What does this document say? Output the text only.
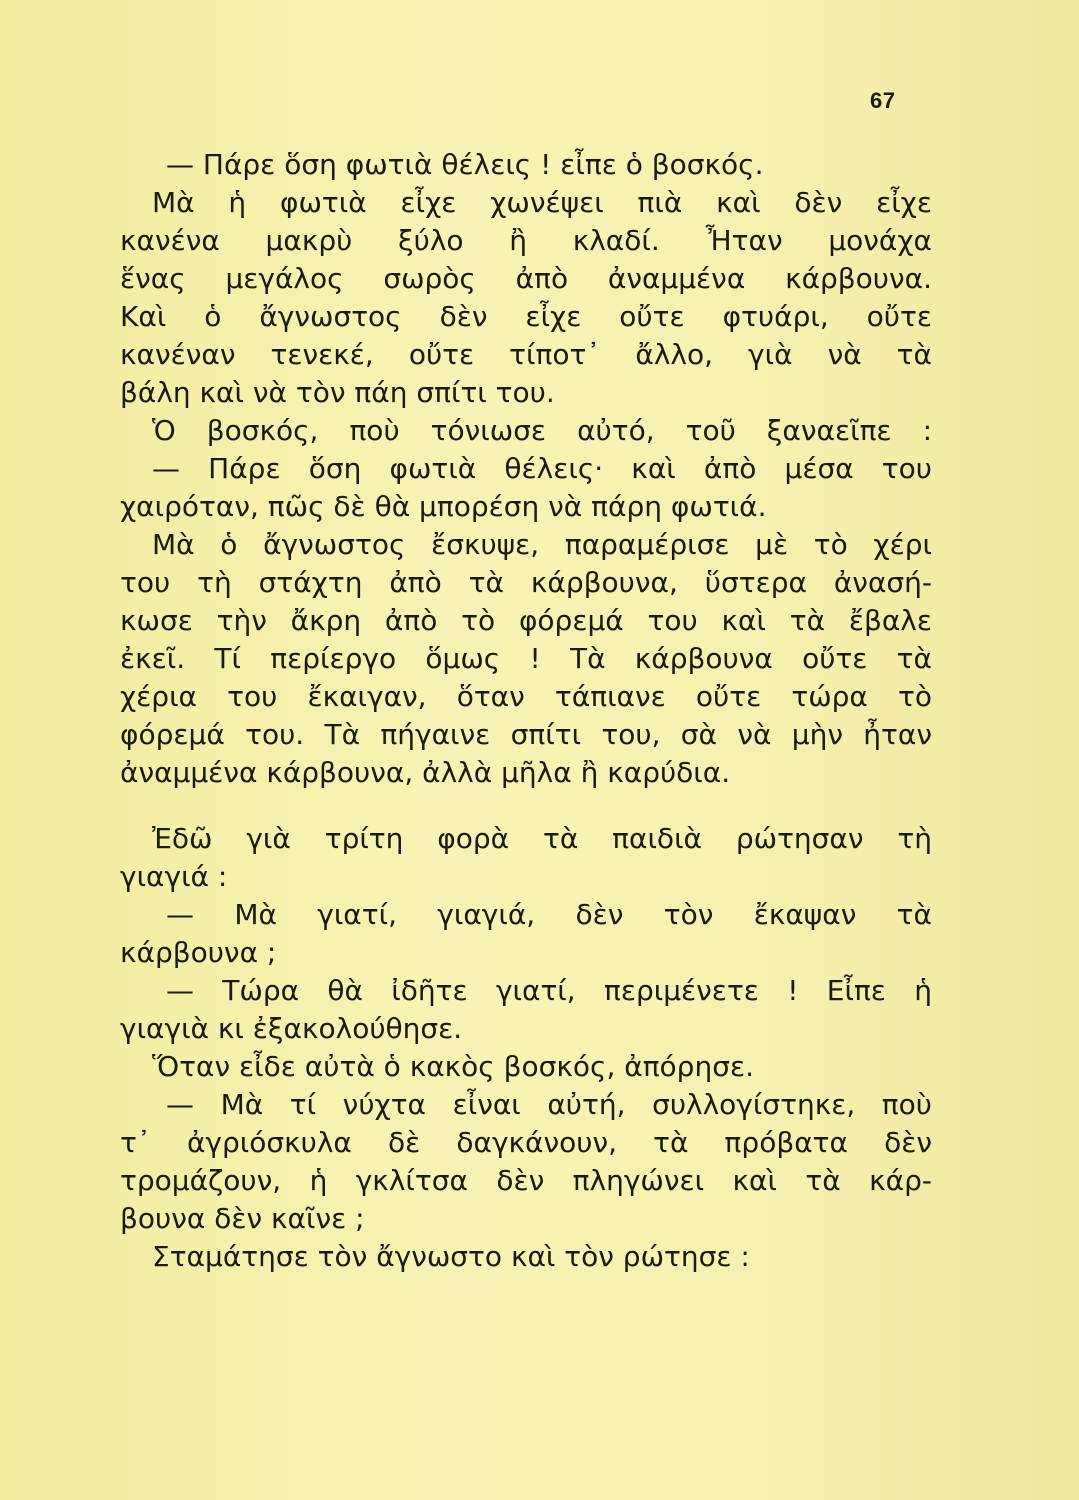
67
— Πάρε ὅση φωτιὰ θέλεις ! εἶπε ὁ βοσκός.
Μὰ ἡ φωτιὰ εἶχε χωνέψει πιὰ καὶ δὲν εἶχε
κανένα μακρὺ ξύλο ἢ κλαδί. Ἦταν μονάχα
ἕνας μεγάλος σωρὸς ἀπὸ ἀναμμένα κάρβουνα.
Καὶ ὁ ἄγνωστος δὲν εἶχε οὔτε φτυάρι, οὔτε
κανέναν τενεκέ, οὔτε τίποτ᾽ ἄλλο, γιὰ νὰ τὰ
βάλη καὶ νὰ τὸν πάη σπίτι του.
Ὁ βοσκός, ποὺ τόνιωσε αὐτό, τοῦ ξαναεῖπε :
— Πάρε ὅση φωτιὰ θέλεις· καὶ ἀπὸ μέσα του
χαιρόταν, πῶς δὲ θὰ μπορέση νὰ πάρη φωτιά.
Μὰ ὁ ἄγνωστος ἔσκυψε, παραμέρισε μὲ τὸ χέρι
του τὴ στάχτη ἀπὸ τὰ κάρβουνα, ὕστερα ἀνασή-
κωσε τὴν ἄκρη ἀπὸ τὸ φόρεμά του καὶ τὰ ἔβαλε
ἐκεῖ. Τί περίεργο ὅμως ! Τὰ κάρβουνα οὔτε τὰ
χέρια του ἔκαιγαν, ὅταν τάπιανε οὔτε τώρα τὸ
φόρεμά του. Τὰ πήγαινε σπίτι του, σὰ νὰ μὴν ἦταν
ἀναμμένα κάρβουνα, ἀλλὰ μῆλα ἢ καρύδια.
Ἐδῶ γιὰ τρίτη φορὰ τὰ παιδιὰ ρώτησαν τὴ
γιαγιά :
— Μὰ γιατί, γιαγιά, δὲν τὸν ἔκαψαν τὰ
κάρβουνα ;
— Τώρα θὰ ἰδῆτε γιατί, περιμένετε ! Εἶπε ἡ
γιαγιὰ κι ἐξακολούθησε.
Ὅταν εἶδε αὐτὰ ὁ κακὸς βοσκός, ἀπόρησε.
— Μὰ τί νύχτα εἶναι αὐτή, συλλογίστηκε, ποὺ
τ᾽ ἀγριόσκυλα δὲ δαγκάνουν, τὰ πρόβατα δὲν
τρομάζουν, ἡ γκλίτσα δὲν πληγώνει καὶ τὰ κάρ-
βουνα δὲν καῖνε ;
Σταμάτησε τὸν ἄγνωστο καὶ τὸν ρώτησε :
